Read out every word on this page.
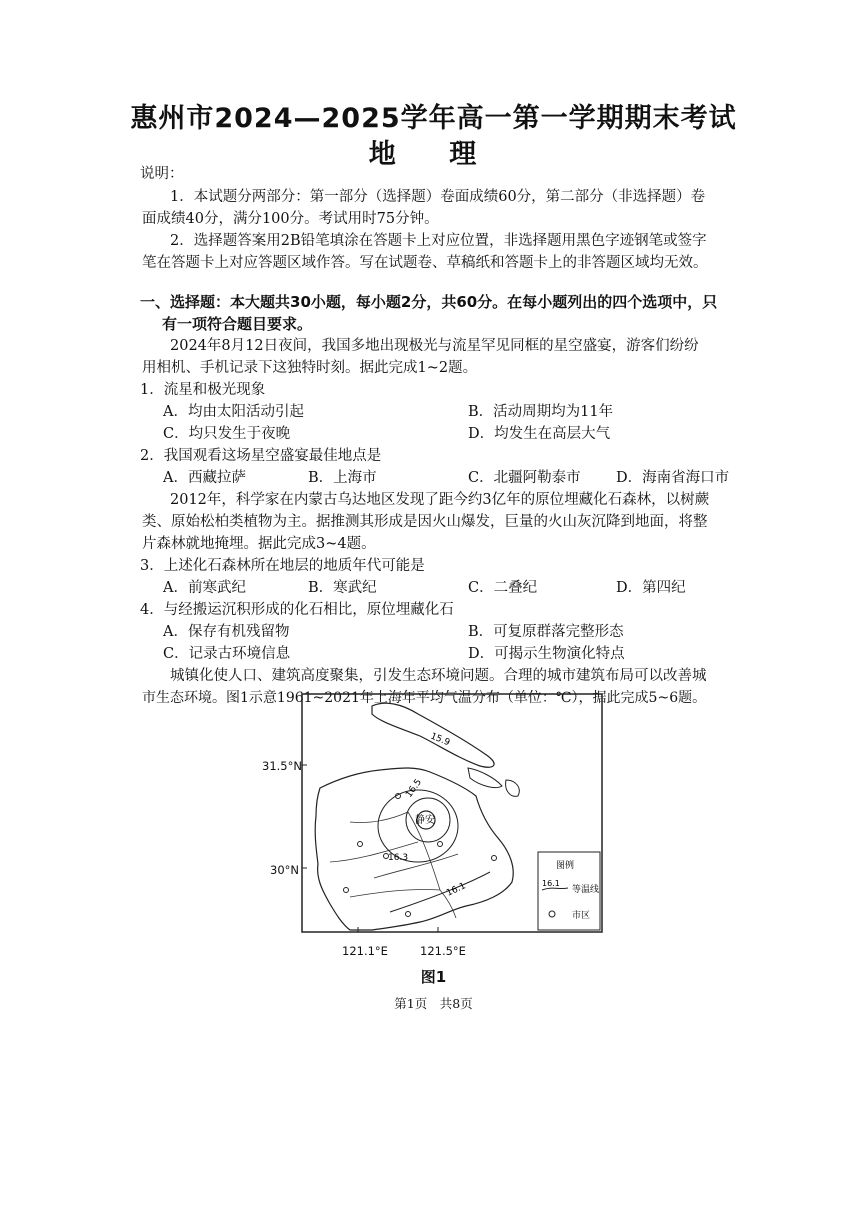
惠州市2024—2025学年高一第一学期期末考试
地 理
说明：
1．本试题分两部分：第一部分（选择题）卷面成绩60分，第二部分（非选择题）卷
面成绩40分，满分100分。考试用时75分钟。
2．选择题答案用2B铅笔填涂在答题卡上对应位置，非选择题用黑色字迹钢笔或签字
笔在答题卡上对应答题区域作答。写在试题卷、草稿纸和答题卡上的非答题区域均无效。
一、选择题：本大题共30小题，每小题2分，共60分。在每小题列出的四个选项中，只
有一项符合题目要求。
2024年8月12日夜间，我国多地出现极光与流星罕见同框的星空盛宴，游客们纷纷
用相机、手机记录下这独特时刻。据此完成1~2题。
1．流星和极光现象
A．均由太阳活动引起	B．活动周期均为11年
C．均只发生于夜晚	D．均发生在高层大气
2．我国观看这场星空盛宴最佳地点是
A．西藏拉萨	B．上海市	C．北疆阿勒泰市 D．海南省海口市
2012年，科学家在内蒙古乌达地区发现了距今约3亿年的原位埋藏化石森林，以树蕨
类、原始松柏类植物为主。据推测其形成是因火山爆发，巨量的火山灰沉降到地面，将整
片森林就地掩埋。据此完成3~4题。
3．上述化石森林所在地层的地质年代可能是
A．前寒武纪	B．寒武纪	C．二叠纪	D．第四纪
4．与经搬运沉积形成的化石相比，原位埋藏化石
A．保存有机残留物	B．可复原群落完整形态
C．记录古环境信息	D．可揭示生物演化特点
城镇化使人口、建筑高度聚集，引发生态环境问题。合理的城市建筑布局可以改善城
市生态环境。图1示意1961~2021年上海年平均气温分布（单位：℃），据此完成5~6题。
31.5°N
30°N
121.1°E	121.5°E
15.9
16.5
16.3
16.1
静安
图例
16.1
等温线
市区
图1
第1页　共8页
